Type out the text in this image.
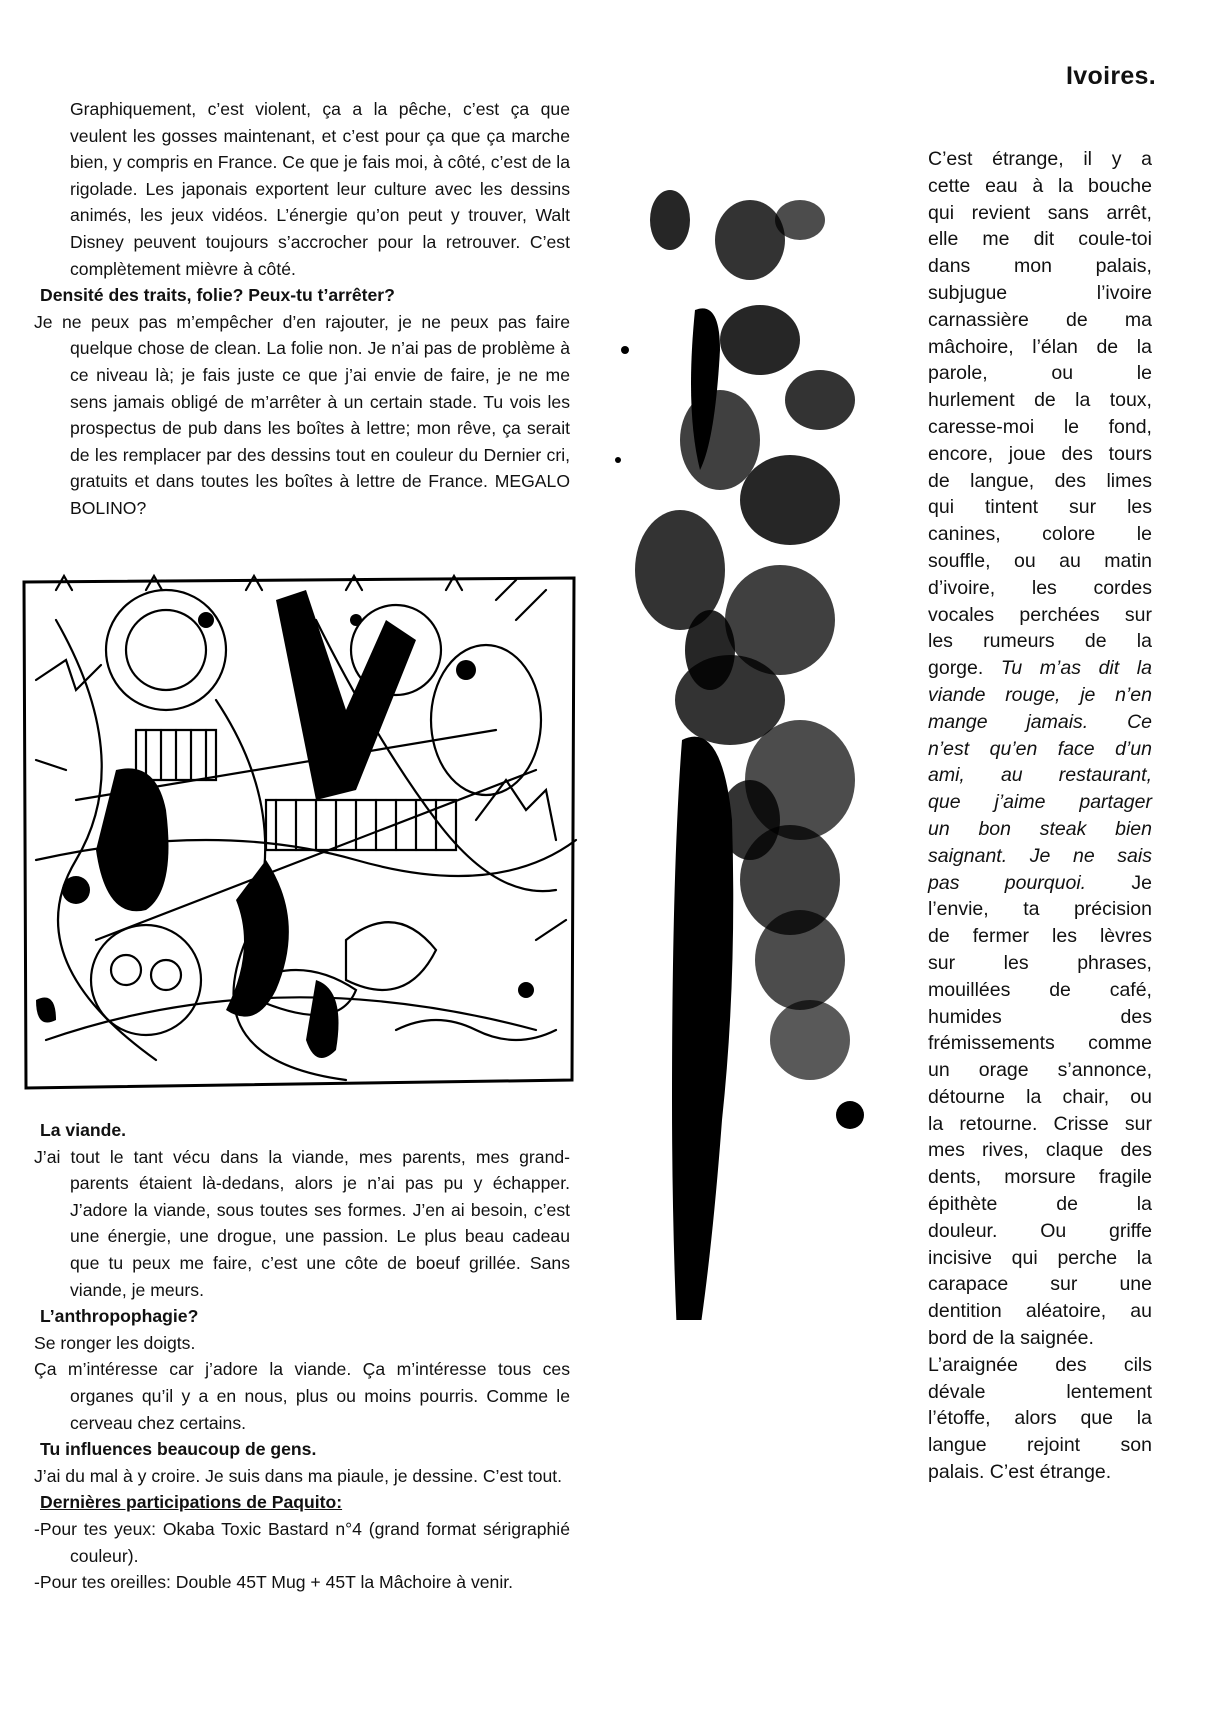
Ivoires.
Graphiquement, c’est violent, ça a la pêche, c’est ça que veulent les gosses maintenant, et c’est pour ça que ça marche bien, y compris en France. Ce que je fais moi, à côté, c’est de la rigolade. Les japonais exportent leur culture avec les dessins animés, les jeux vidéos. L’énergie qu’on peut y trouver, Walt Disney peuvent toujours s’accrocher pour la retrouver. C’est complètement mièvre à côté.
Densité des traits, folie? Peux-tu t’arrêter?
Je ne peux pas m’empêcher d’en rajouter, je ne peux pas faire quelque chose de clean. La folie non. Je n’ai pas de problème à ce niveau là; je fais juste ce que j’ai envie de faire, je ne me sens jamais obligé de m’arrêter à un certain stade. Tu vois les prospectus de pub dans les boîtes à lettre; mon rêve, ça serait de les remplacer par des dessins tout en couleur du Dernier cri, gratuits et dans toutes les boîtes à lettre de France. MEGALO BOLINO?
La viande.
J’ai tout le tant vécu dans la viande, mes parents, mes grand-parents étaient là-dedans, alors je n’ai pas pu y échapper. J’adore la viande, sous toutes ses formes. J’en ai besoin, c’est une énergie, une drogue, une passion. Le plus beau cadeau que tu peux me faire, c’est une côte de boeuf grillée. Sans viande, je meurs.
L’anthropophagie?
Se ronger les doigts.
Ça m’intéresse car j’adore la viande. Ça m’intéresse tous ces organes qu’il y a en nous, plus ou moins pourris. Comme le cerveau chez certains.
Tu influences beaucoup de gens.
J’ai du mal à y croire. Je suis dans ma piaule, je dessine. C’est tout.
Dernières participations de Paquito:
-Pour tes yeux: Okaba Toxic Bastard n°4 (grand format sérigraphié couleur).
-Pour tes oreilles: Double 45T Mug + 45T la Mâchoire à venir.
C’est étrange, il y a
cette eau à la bouche
qui revient sans arrêt,
elle me dit coule-toi
dans mon palais,
subjugue	l’ivoire
carnassière de ma
mâchoire, l’élan de la
parole,	ou	le
hurlement de la toux,
caresse-moi le fond,
encore, joue des tours
de langue, des limes
qui tintent sur les
canines, colore le
souffle, ou au matin
d’ivoire, les cordes
vocales perchées sur
les rumeurs de la
gorge. Tu m’as dit la
viande rouge, je n’en
mange jamais. Ce
n’est qu’en face d’un
ami, au restaurant,
que j’aime partager
un bon steak bien
saignant. Je ne sais
pas pourquoi. Je
l’envie, ta précision
de fermer les lèvres
sur les phrases,
mouillées de café,
humides	des
frémissements comme
un orage s’annonce,
détourne la chair, ou
la retourne. Crisse sur
mes rives, claque des
dents, morsure fragile
épithète	de	la
douleur. Ou griffe
incisive qui perche la
carapace sur une
dentition aléatoire, au
bord de la saignée.
L’araignée des cils
dévale	lentement
l’étoffe, alors que la
langue rejoint son
palais. C’est étrange.
